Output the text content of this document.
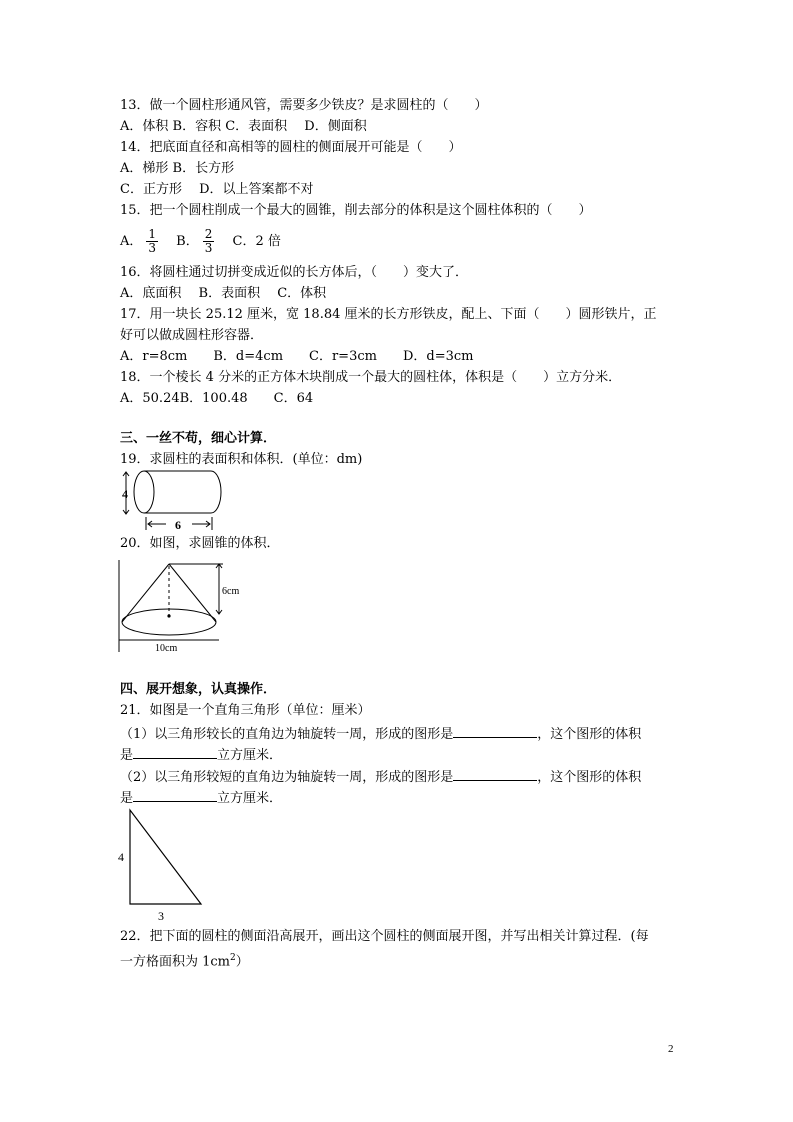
13．做一个圆柱形通风管，需要多少铁皮？是求圆柱的（　　）
A．体积 B．容积 C．表面积　 D．侧面积
14．把底面直径和高相等的圆柱的侧面展开可能是（　　）
A．梯形 B．长方形
C．正方形　 D．以上答案都不对
15．把一个圆柱削成一个最大的圆锥，削去部分的体积是这个圆柱体积的（　　）
A． $\frac{1}{3}$ B． $\frac{2}{3}$ C．2 倍
16．将圆柱通过切拼变成近似的长方体后，（　　）变大了．
A．底面积　 B．表面积　 C．体积
17．用一块长 25.12 厘米，宽 18.84 厘米的长方形铁皮，配上、下面（　　）圆形铁片，正
好可以做成圆柱形容器．
A．r=8cm　　B．d=4cm　　C．r=3cm　　D．d=3cm
18．一个棱长 4 分米的正方体木块削成一个最大的圆柱体，体积是（　　）立方分米．
A．50.24B．100.48　　C．64
三、一丝不苟，细心计算．
19．求圆柱的表面积和体积．(单位：dm)
4
6
20．如图，求圆锥的体积．
6cm
10cm
四、展开想象，认真操作．
21．如图是一个直角三角形（单位：厘米）
（1）以三角形较长的直角边为轴旋转一周，形成的图形是	，这个图形的体积
是	立方厘米．
（2）以三角形较短的直角边为轴旋转一周，形成的图形是	，这个图形的体积
是	立方厘米．
4
3
22．把下面的圆柱的侧面沿高展开，画出这个圆柱的侧面展开图，并写出相关计算过程．(每
一方格面积为 $1cm^2$）
2
